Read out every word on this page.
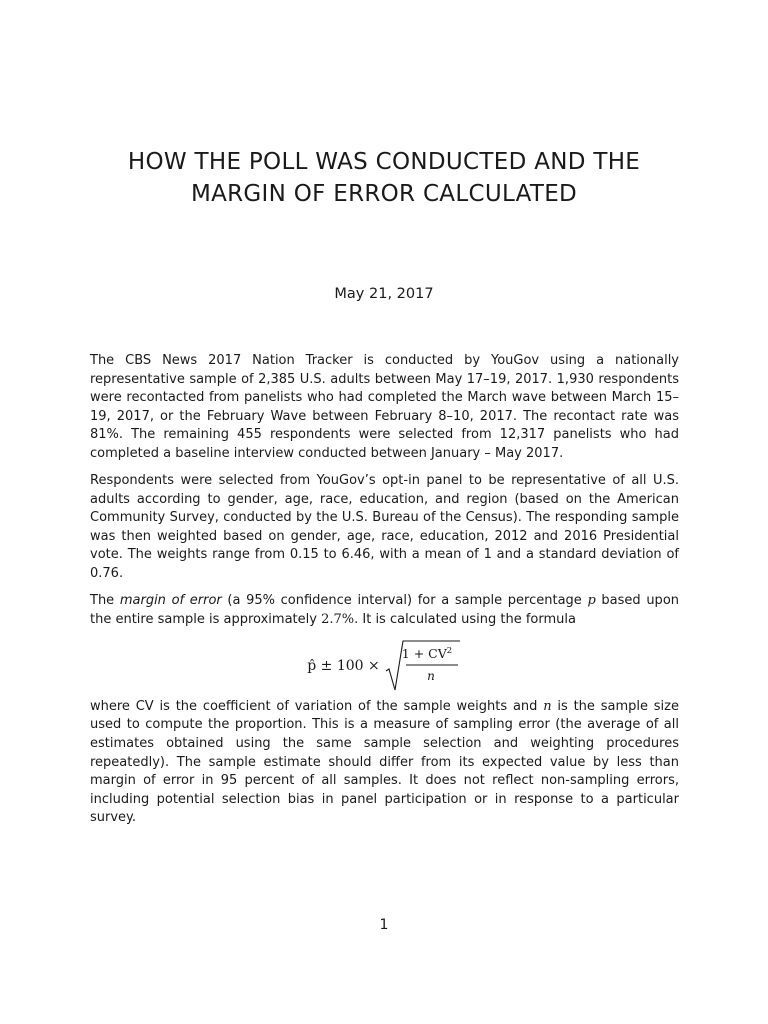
HOW THE POLL WAS CONDUCTED AND THE
MARGIN OF ERROR CALCULATED
May 21, 2017

The CBS News 2017 Nation Tracker is conducted by YouGov using a nationally representative sample of 2,385 U.S. adults between May 17–19, 2017. 1,930 respondents were recontacted from panelists who had completed the March wave between March 15–19, 2017, or the February Wave between February 8–10, 2017. The recontact rate was 81%. The remaining 455 respondents were selected from 12,317 panelists who had completed a baseline interview conducted between January – May 2017.

Respondents were selected from YouGov’s opt-in panel to be representative of all U.S. adults according to gender, age, race, education, and region (based on the American Community Survey, conducted by the U.S. Bureau of the Census). The responding sample was then weighted based on gender, age, race, education, 2012 and 2016 Presidential vote. The weights range from 0.15 to 6.46, with a mean of 1 and a standard deviation of 0.76.

The margin of error (a 95% confidence interval) for a sample percentage p based upon the entire sample is approximately 2.7%. It is calculated using the formula

p̂ ± 100 ×
$1 + CV^2$
n

where CV is the coefficient of variation of the sample weights and n is the sample size used to compute the proportion. This is a measure of sampling error (the average of all estimates obtained using the same sample selection and weighting procedures repeatedly). The sample estimate should differ from its expected value by less than margin of error in 95 percent of all samples. It does not reflect non-sampling errors, including potential selection bias in panel participation or in response to a particular survey.

1
